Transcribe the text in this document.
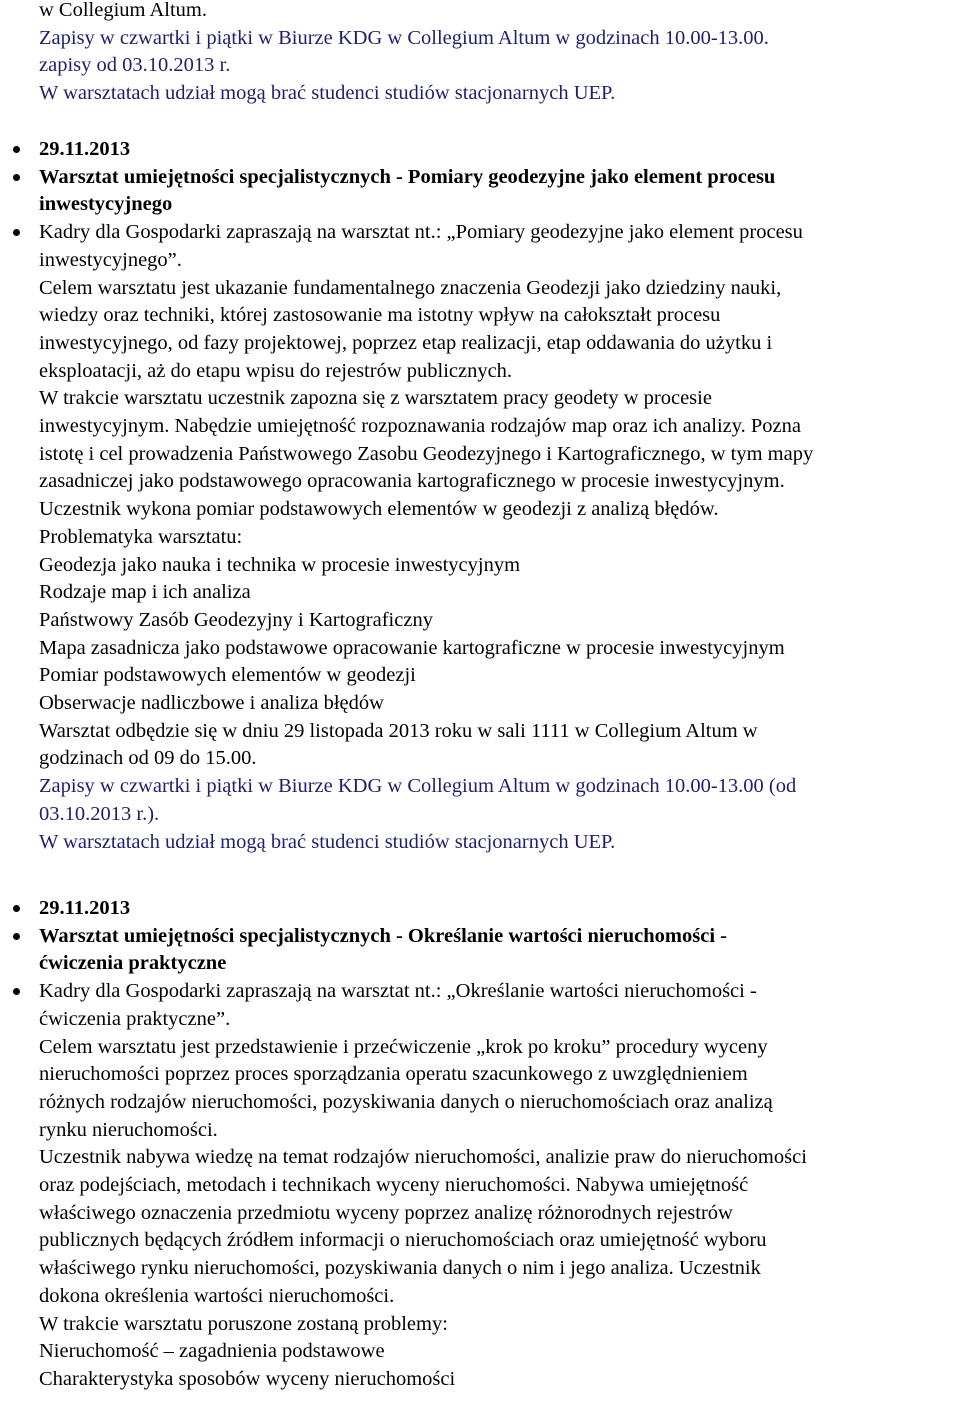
w Collegium Altum.
Zapisy w czwartki i piątki w Biurze KDG w Collegium Altum w godzinach 10.00-13.00.
zapisy od 03.10.2013 r.
W warsztatach udział mogą brać studenci studiów stacjonarnych UEP.

29.11.2013

Warsztat umiejętności specjalistycznych - Pomiary geodezyjne jako element procesu
inwestycyjnego

Kadry dla Gospodarki zapraszają na warsztat nt.: „Pomiary geodezyjne jako element procesu
inwestycyjnego”.

Celem warsztatu jest ukazanie fundamentalnego znaczenia Geodezji jako dziedziny nauki,
wiedzy oraz techniki, której zastosowanie ma istotny wpływ na całokształt procesu
inwestycyjnego, od fazy projektowej, poprzez etap realizacji, etap oddawania do użytku i
eksploatacji, aż do etapu wpisu do rejestrów publicznych.
W trakcie warsztatu uczestnik zapozna się z warsztatem pracy geodety w procesie
inwestycyjnym. Nabędzie umiejętność rozpoznawania rodzajów map oraz ich analizy. Pozna
istotę i cel prowadzenia Państwowego Zasobu Geodezyjnego i Kartograficznego, w tym mapy
zasadniczej jako podstawowego opracowania kartograficznego w procesie inwestycyjnym.
Uczestnik wykona pomiar podstawowych elementów w geodezji z analizą błędów.
Problematyka warsztatu:
Geodezja jako nauka i technika w procesie inwestycyjnym
Rodzaje map i ich analiza
Państwowy Zasób Geodezyjny i Kartograficzny
Mapa zasadnicza jako podstawowe opracowanie kartograficzne w procesie inwestycyjnym
Pomiar podstawowych elementów w geodezji
Obserwacje nadliczbowe i analiza błędów
Warsztat odbędzie się w dniu 29 listopada 2013 roku w sali 1111 w Collegium Altum w
godzinach od 09 do 15.00.
Zapisy w czwartki i piątki w Biurze KDG w Collegium Altum w godzinach 10.00-13.00 (od
03.10.2013 r.).
W warsztatach udział mogą brać studenci studiów stacjonarnych UEP.

29.11.2013

Warsztat umiejętności specjalistycznych - Określanie wartości nieruchomości -
ćwiczenia praktyczne

Kadry dla Gospodarki zapraszają na warsztat nt.: „Określanie wartości nieruchomości -
ćwiczenia praktyczne”.

Celem warsztatu jest przedstawienie i przećwiczenie „krok po kroku” procedury wyceny
nieruchomości poprzez proces sporządzania operatu szacunkowego z uwzględnieniem
różnych rodzajów nieruchomości, pozyskiwania danych o nieruchomościach oraz analizą
rynku nieruchomości.
Uczestnik nabywa wiedzę na temat rodzajów nieruchomości, analizie praw do nieruchomości
oraz podejściach, metodach i technikach wyceny nieruchomości. Nabywa umiejętność
właściwego oznaczenia przedmiotu wyceny poprzez analizę różnorodnych rejestrów
publicznych będących źródłem informacji o nieruchomościach oraz umiejętność wyboru
właściwego rynku nieruchomości, pozyskiwania danych o nim i jego analiza. Uczestnik
dokona określenia wartości nieruchomości.
W trakcie warsztatu poruszone zostaną problemy:
Nieruchomość – zagadnienia podstawowe
Charakterystyka sposobów wyceny nieruchomości
